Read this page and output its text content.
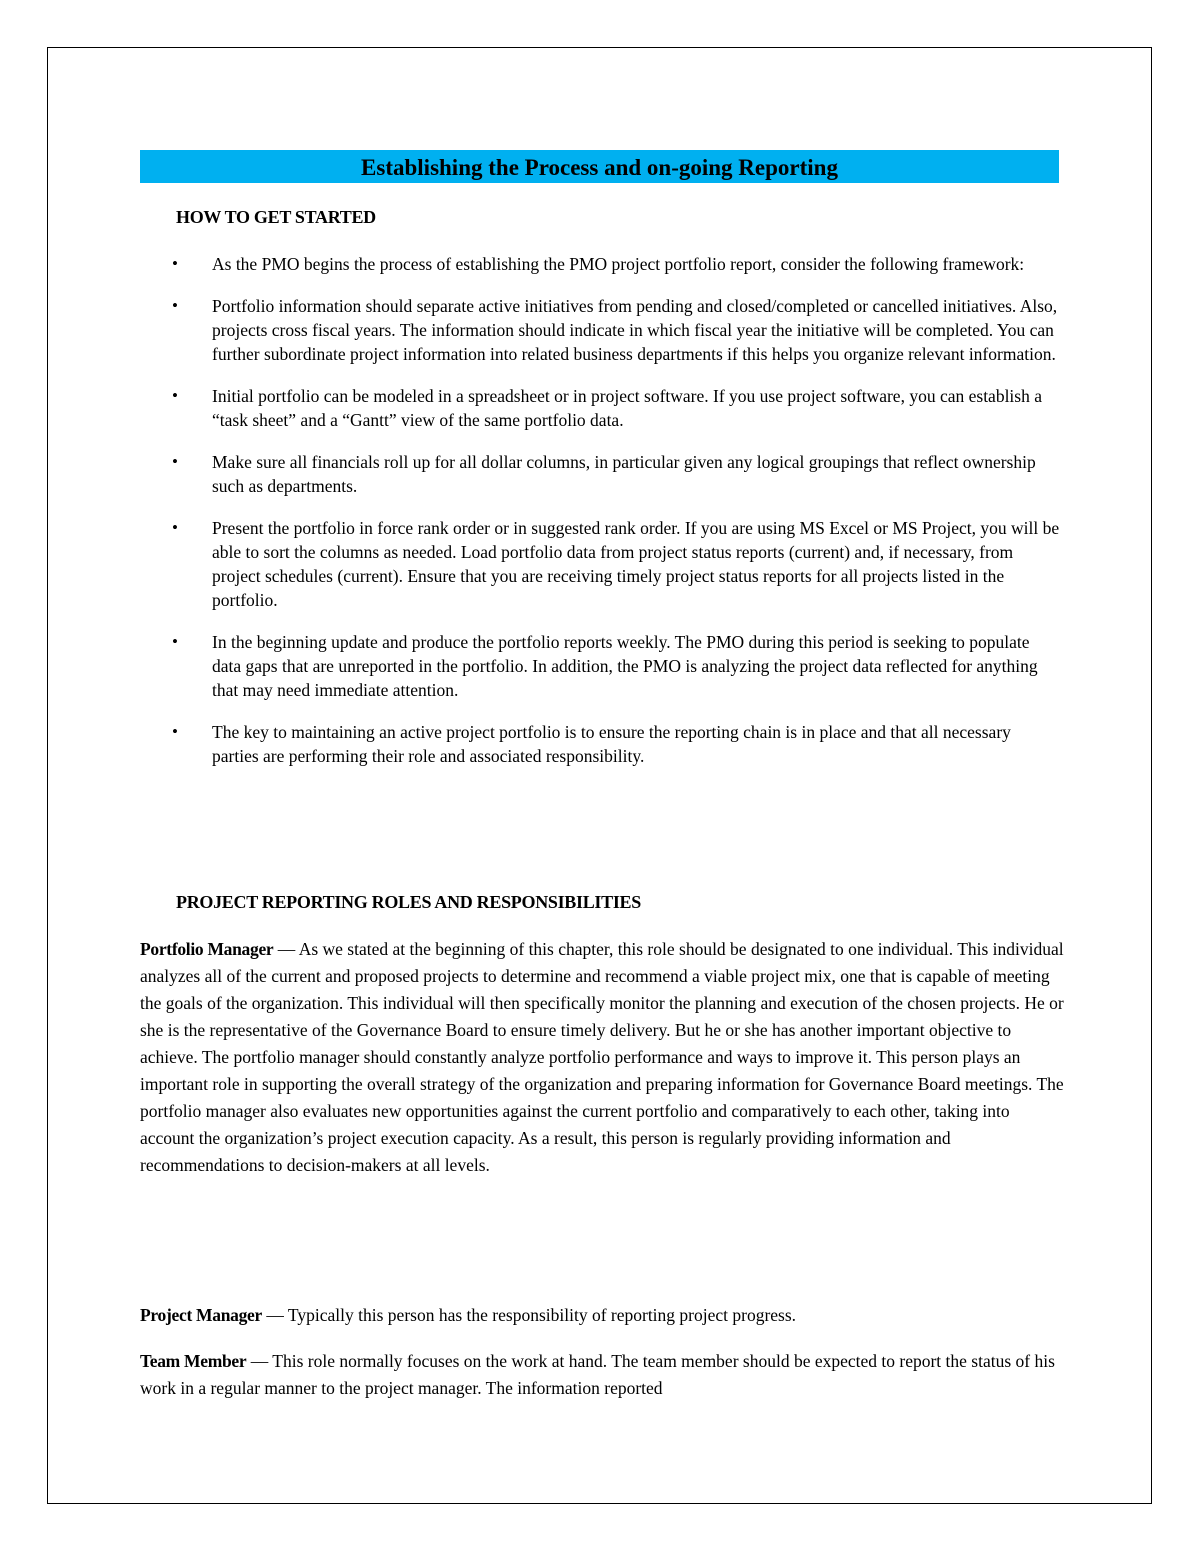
Establishing the Process and on-going Reporting
HOW TO GET STARTED
• As the PMO begins the process of establishing the PMO project portfolio report, consider the following framework:
• Portfolio information should separate active initiatives from pending and closed/completed or cancelled initiatives. Also, projects cross fiscal years. The information should indicate in which fiscal year the initiative will be completed. You can further subordinate project information into related business departments if this helps you organize relevant information.
• Initial portfolio can be modeled in a spreadsheet or in project software. If you use project software, you can establish a “task sheet” and a “Gantt” view of the same portfolio data.
• Make sure all financials roll up for all dollar columns, in particular given any logical groupings that reflect ownership such as departments.
• Present the portfolio in force rank order or in suggested rank order. If you are using MS Excel or MS Project, you will be able to sort the columns as needed. Load portfolio data from project status reports (current) and, if necessary, from project schedules (current). Ensure that you are receiving timely project status reports for all projects listed in the portfolio.
• In the beginning update and produce the portfolio reports weekly. The PMO during this period is seeking to populate data gaps that are unreported in the portfolio. In addition, the PMO is analyzing the project data reflected for anything that may need immediate attention.
• The key to maintaining an active project portfolio is to ensure the reporting chain is in place and that all necessary parties are performing their role and associated responsibility.
PROJECT REPORTING ROLES AND RESPONSIBILITIES

Portfolio Manager — As we stated at the beginning of this chapter, this role should be designated to one individual. This individual analyzes all of the current and proposed projects to determine and recommend a viable project mix, one that is capable of meeting the goals of the organization. This individual will then specifically monitor the planning and execution of the chosen projects. He or she is the representative of the Governance Board to ensure timely delivery. But he or she has another important objective to achieve. The portfolio manager should constantly analyze portfolio performance and ways to improve it. This person plays an important role in supporting the overall strategy of the organization and preparing information for Governance Board meetings. The portfolio manager also evaluates new opportunities against the current portfolio and comparatively to each other, taking into account the organization’s project execution capacity. As a result, this person is regularly providing information and recommendations to decision-makers at all levels.

Project Manager — Typically this person has the responsibility of reporting project progress.

Team Member — This role normally focuses on the work at hand. The team member should be expected to report the status of his work in a regular manner to the project manager. The information reported
